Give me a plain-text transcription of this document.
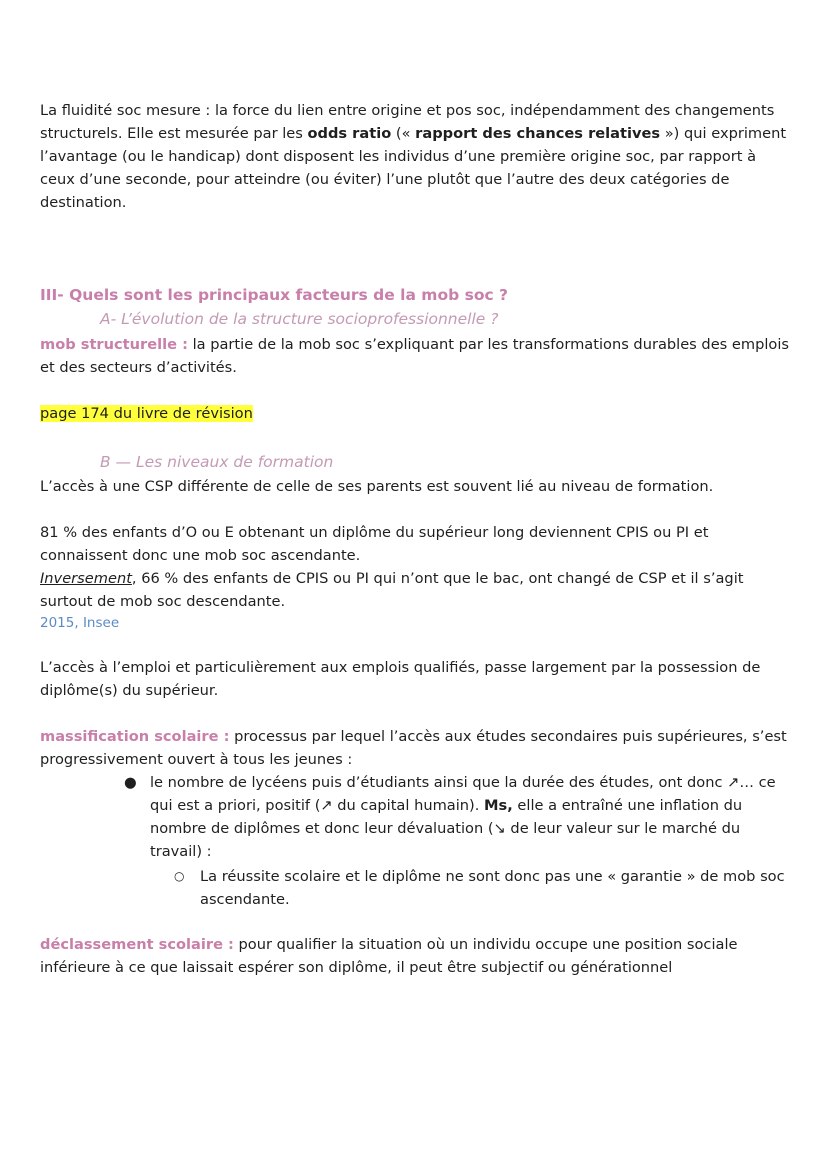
La fluidité soc mesure : la force du lien entre origine et pos soc, indépendamment des changements structurels. Elle est mesurée par les odds ratio (« rapport des chances relatives ») qui expriment l’avantage (ou le handicap) dont disposent les individus d’une première origine soc, par rapport à ceux d’une seconde, pour atteindre (ou éviter) l’une plutôt que l’autre des deux catégories de destination.

III- Quels sont les principaux facteurs de la mob soc ?

A- L’évolution de la structure socioprofessionnelle ?

mob structurelle : la partie de la mob soc s’expliquant par les transformations durables des emplois et des secteurs d’activités.

page 174 du livre de révision

B — Les niveaux de formation

L’accès à une CSP différente de celle de ses parents est souvent lié au niveau de formation.

81 % des enfants d’O ou E obtenant un diplôme du supérieur long deviennent CPIS ou PI et connaissent donc une mob soc ascendante.

Inversement, 66 % des enfants de CPIS ou PI qui n’ont que le bac, ont changé de CSP et il s’agit surtout de mob soc descendante.

2015, Insee

L’accès à l’emploi et particulièrement aux emplois qualifiés, passe largement par la possession de diplôme(s) du supérieur.

massification scolaire : processus par lequel l’accès aux études secondaires puis supérieures, s’est progressivement ouvert à tous les jeunes :

● le nombre de lycéens puis d’étudiants ainsi que la durée des études, ont donc ↗… ce qui est a priori, positif (↗ du capital humain). Ms, elle a entraîné une inflation du nombre de diplômes et donc leur dévaluation (↘ de leur valeur sur le marché du travail) :
○ La réussite scolaire et le diplôme ne sont donc pas une « garantie » de mob soc ascendante.

déclassement scolaire : pour qualifier la situation où un individu occupe une position sociale inférieure à ce que laissait espérer son diplôme, il peut être subjectif ou générationnel
